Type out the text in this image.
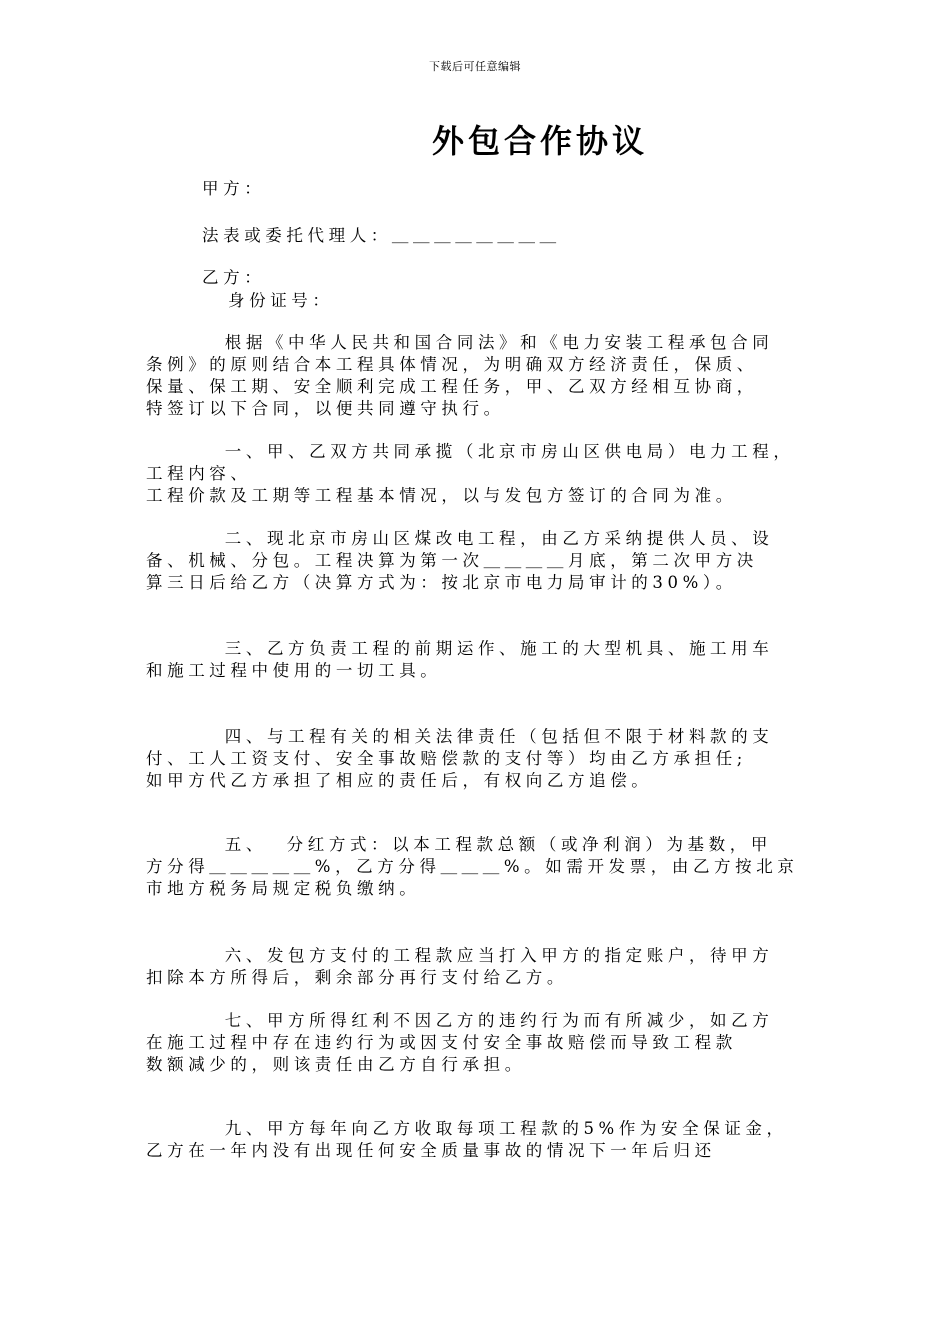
下载后可任意编辑
外包合作协议
甲方：
法表或委托代理人：＿＿＿＿＿＿＿＿
乙方：
身份证号：
根据《中华人民共和国合同法》和《电力安装工程承包合同
条例》的原则结合本工程具体情况，为明确双方经济责任，保质、
保量、保工期、安全顺利完成工程任务，甲、乙双方经相互协商，
特签订以下合同，以便共同遵守执行。
一、甲、乙双方共同承揽（北京市房山区供电局）电力工程，
工程内容、
工程价款及工期等工程基本情况，以与发包方签订的合同为准。
二、现北京市房山区煤改电工程，由乙方采纳提供人员、设
备、机械、分包。工程决算为第一次＿＿＿＿月底，第二次甲方决
算三日后给乙方（决算方式为：按北京市电力局审计的30%）。
三、乙方负责工程的前期运作、施工的大型机具、施工用车
和施工过程中使用的一切工具。
四、与工程有关的相关法律责任（包括但不限于材料款的支
付、工人工资支付、安全事故赔偿款的支付等）均由乙方承担任;
如甲方代乙方承担了相应的责任后，有权向乙方追偿。
五、  分红方式：以本工程款总额（或净利润）为基数，甲
方分得＿＿＿＿＿%，乙方分得＿＿＿%。如需开发票，由乙方按北京
市地方税务局规定税负缴纳。
六、发包方支付的工程款应当打入甲方的指定账户，待甲方
扣除本方所得后，剩余部分再行支付给乙方。
七、甲方所得红利不因乙方的违约行为而有所减少，如乙方
在施工过程中存在违约行为或因支付安全事故赔偿而导致工程款
数额减少的，则该责任由乙方自行承担。
九、甲方每年向乙方收取每项工程款的5%作为安全保证金，
乙方在一年内没有出现任何安全质量事故的情况下一年后归还
